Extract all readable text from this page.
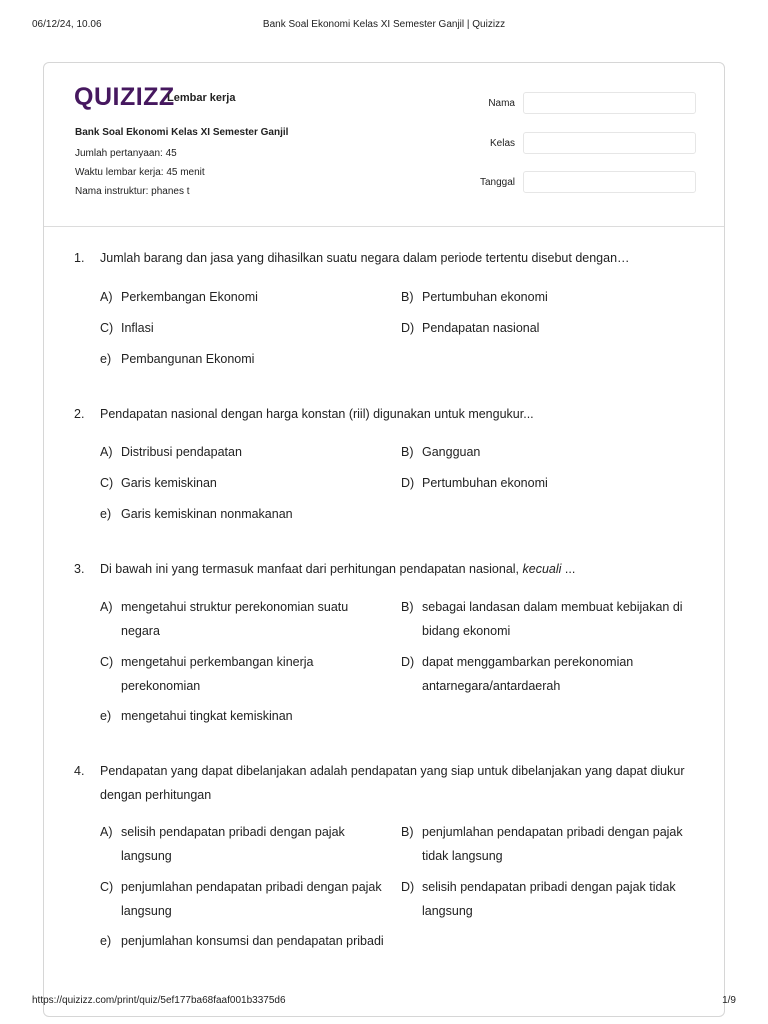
06/12/24, 10.06	Bank Soal Ekonomi Kelas XI Semester Ganjil | Quizizz
QUIZIZZ
Lembar kerja
Bank Soal Ekonomi Kelas XI Semester Ganjil
Jumlah pertanyaan: 45
Waktu lembar kerja: 45 menit
Nama instruktur: phanes t
Nama
Kelas
Tanggal
1. Jumlah barang dan jasa yang dihasilkan suatu negara dalam periode tertentu disebut dengan…
A) Perkembangan Ekonomi	B) Pertumbuhan ekonomi
C) Inflasi	D) Pendapatan nasional
e) Pembangunan Ekonomi
2. Pendapatan nasional dengan harga konstan (riil) digunakan untuk mengukur...
A) Distribusi pendapatan	B) Gangguan
C) Garis kemiskinan	D) Pertumbuhan ekonomi
e) Garis kemiskinan nonmakanan
3. Di bawah ini yang termasuk manfaat dari perhitungan pendapatan nasional, kecuali ...
A) mengetahui struktur perekonomian suatu negara
B) sebagai landasan dalam membuat kebijakan di bidang ekonomi
C) mengetahui perkembangan kinerja perekonomian
D) dapat menggambarkan perekonomian antarnegara/antardaerah
e) mengetahui tingkat kemiskinan
4. Pendapatan yang dapat dibelanjakan adalah pendapatan yang siap untuk dibelanjakan yang dapat diukur dengan perhitungan
A) selisih pendapatan pribadi dengan pajak langsung
B) penjumlahan pendapatan pribadi dengan pajak tidak langsung
C) penjumlahan pendapatan pribadi dengan pajak langsung
D) selisih pendapatan pribadi dengan pajak tidak langsung
e) penjumlahan konsumsi dan pendapatan pribadi
https://quizizz.com/print/quiz/5ef177ba68faaf001b3375d6	1/9
